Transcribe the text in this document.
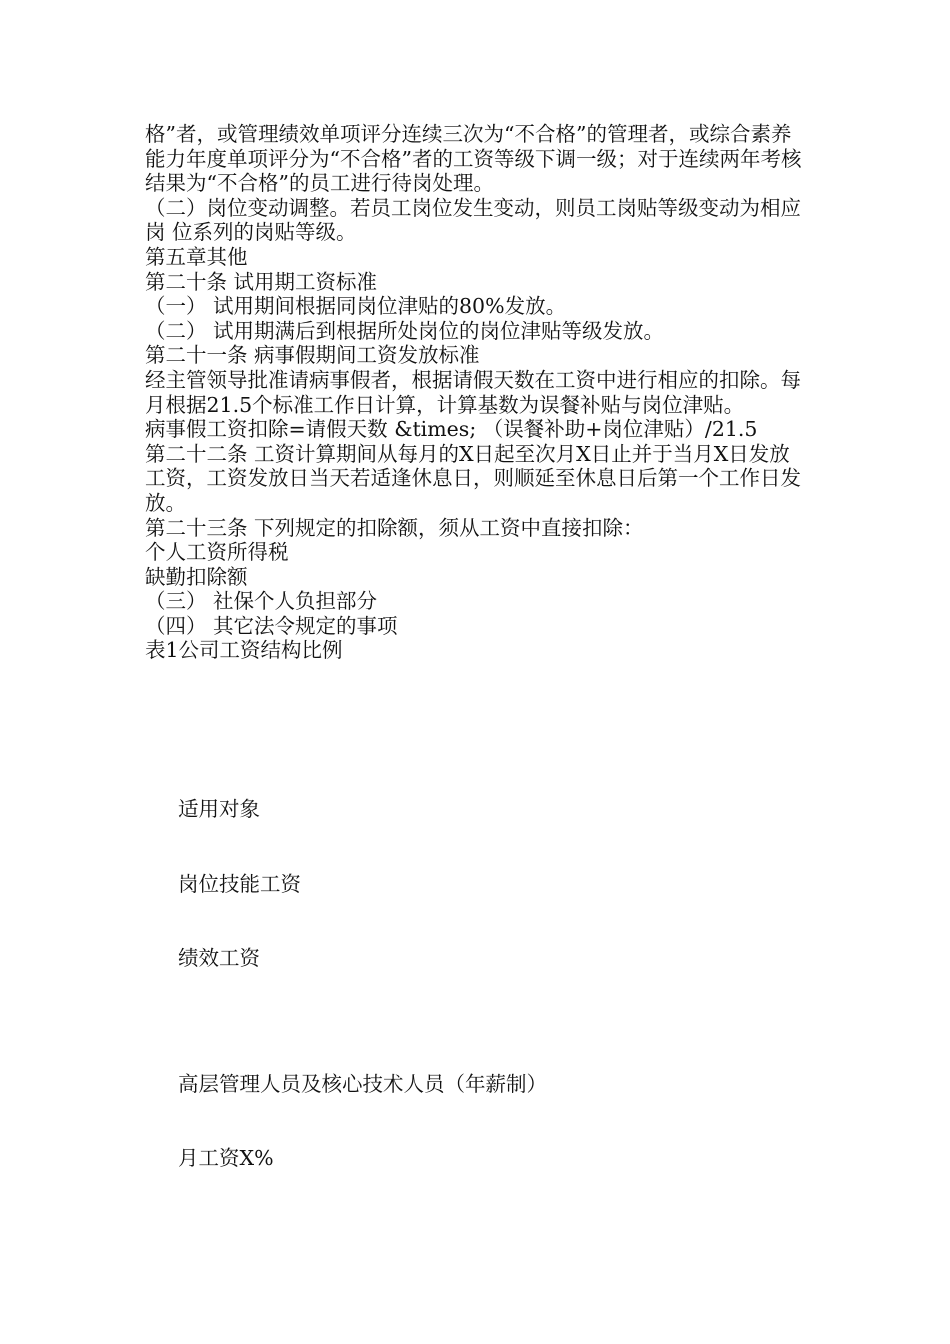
格”者，或管理绩效单项评分连续三次为“不合格”的管理者，或综合素养能力年度单项评分为“不合格”者的工资等级下调一级；对于连续两年考核结果为“不合格”的员工进行待岗处理。

（二）岗位变动调整。若员工岗位发生变动，则员工岗贴等级变动为相应岗 位系列的岗贴等级。

第五章其他

第二十条 试用期工资标准

（一） 试用期间根据同岗位津贴的80%发放。

（二） 试用期满后到根据所处岗位的岗位津贴等级发放。

第二十一条 病事假期间工资发放标准

经主管领导批准请病事假者，根据请假天数在工资中进行相应的扣除。每月根据21.5个标准工作日计算，计算基数为误餐补贴与岗位津贴。

病事假工资扣除=请假天数 &times; （误餐补助+岗位津贴）/21.5

第二十二条 工资计算期间从每月的X日起至次月X日止并于当月X日发放工资，工资发放日当天若适逢休息日，则顺延至休息日后第一个工作日发放。

第二十三条 下列规定的扣除额，须从工资中直接扣除：

个人工资所得税

缺勤扣除额

（三） 社保个人负担部分

（四） 其它法令规定的事项

表1公司工资结构比例

适用对象

岗位技能工资

绩效工资

高层管理人员及核心技术人员（年薪制）

月工资X%
